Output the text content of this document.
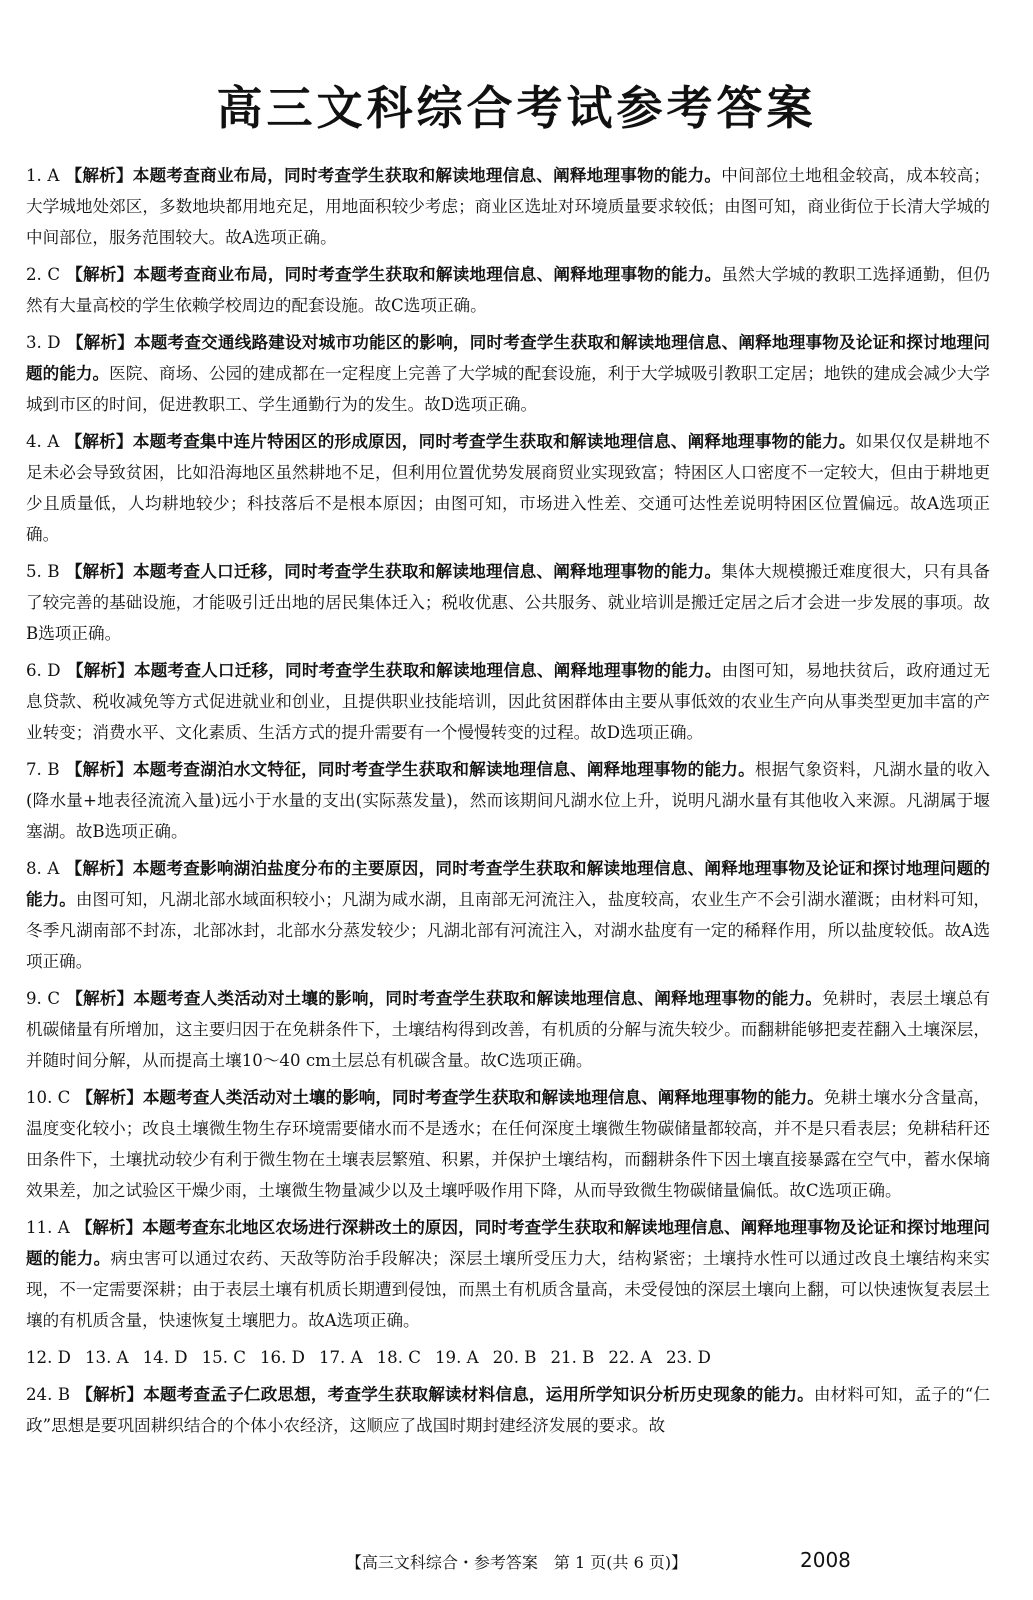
高三文科综合考试参考答案

1. A 【解析】本题考查商业布局，同时考查学生获取和解读地理信息、阐释地理事物的能力。中间部位土地租金较高，成本较高；大学城地处郊区，多数地块都用地充足，用地面积较少考虑；商业区选址对环境质量要求较低；由图可知，商业街位于长清大学城的中间部位，服务范围较大。故A选项正确。

2. C 【解析】本题考查商业布局，同时考查学生获取和解读地理信息、阐释地理事物的能力。虽然大学城的教职工选择通勤，但仍然有大量高校的学生依赖学校周边的配套设施。故C选项正确。

3. D 【解析】本题考查交通线路建设对城市功能区的影响，同时考查学生获取和解读地理信息、阐释地理事物及论证和探讨地理问题的能力。医院、商场、公园的建成都在一定程度上完善了大学城的配套设施，利于大学城吸引教职工定居；地铁的建成会减少大学城到市区的时间，促进教职工、学生通勤行为的发生。故D选项正确。

4. A 【解析】本题考查集中连片特困区的形成原因，同时考查学生获取和解读地理信息、阐释地理事物的能力。如果仅仅是耕地不足未必会导致贫困，比如沿海地区虽然耕地不足，但利用位置优势发展商贸业实现致富；特困区人口密度不一定较大，但由于耕地更少且质量低，人均耕地较少；科技落后不是根本原因；由图可知，市场进入性差、交通可达性差说明特困区位置偏远。故A选项正确。

5. B 【解析】本题考查人口迁移，同时考查学生获取和解读地理信息、阐释地理事物的能力。集体大规模搬迁难度很大，只有具备了较完善的基础设施，才能吸引迁出地的居民集体迁入；税收优惠、公共服务、就业培训是搬迁定居之后才会进一步发展的事项。故B选项正确。

6. D 【解析】本题考查人口迁移，同时考查学生获取和解读地理信息、阐释地理事物的能力。由图可知，易地扶贫后，政府通过无息贷款、税收减免等方式促进就业和创业，且提供职业技能培训，因此贫困群体由主要从事低效的农业生产向从事类型更加丰富的产业转变；消费水平、文化素质、生活方式的提升需要有一个慢慢转变的过程。故D选项正确。

7. B 【解析】本题考查湖泊水文特征，同时考查学生获取和解读地理信息、阐释地理事物的能力。根据气象资料，凡湖水量的收入(降水量+地表径流流入量)远小于水量的支出(实际蒸发量)，然而该期间凡湖水位上升，说明凡湖水量有其他收入来源。凡湖属于堰塞湖。故B选项正确。

8. A 【解析】本题考查影响湖泊盐度分布的主要原因，同时考查学生获取和解读地理信息、阐释地理事物及论证和探讨地理问题的能力。由图可知，凡湖北部水域面积较小；凡湖为咸水湖，且南部无河流注入，盐度较高，农业生产不会引湖水灌溉；由材料可知，冬季凡湖南部不封冻，北部冰封，北部水分蒸发较少；凡湖北部有河流注入，对湖水盐度有一定的稀释作用，所以盐度较低。故A选项正确。

9. C 【解析】本题考查人类活动对土壤的影响，同时考查学生获取和解读地理信息、阐释地理事物的能力。免耕时，表层土壤总有机碳储量有所增加，这主要归因于在免耕条件下，土壤结构得到改善，有机质的分解与流失较少。而翻耕能够把麦茬翻入土壤深层，并随时间分解，从而提高土壤10～40 cm土层总有机碳含量。故C选项正确。

10. C 【解析】本题考查人类活动对土壤的影响，同时考查学生获取和解读地理信息、阐释地理事物的能力。免耕土壤水分含量高，温度变化较小；改良土壤微生物生存环境需要储水而不是透水；在任何深度土壤微生物碳储量都较高，并不是只看表层；免耕秸秆还田条件下，土壤扰动较少有利于微生物在土壤表层繁殖、积累，并保护土壤结构，而翻耕条件下因土壤直接暴露在空气中，蓄水保墒效果差，加之试验区干燥少雨，土壤微生物量减少以及土壤呼吸作用下降，从而导致微生物碳储量偏低。故C选项正确。

11. A 【解析】本题考查东北地区农场进行深耕改土的原因，同时考查学生获取和解读地理信息、阐释地理事物及论证和探讨地理问题的能力。病虫害可以通过农药、天敌等防治手段解决；深层土壤所受压力大，结构紧密；土壤持水性可以通过改良土壤结构来实现，不一定需要深耕；由于表层土壤有机质长期遭到侵蚀，而黑土有机质含量高，未受侵蚀的深层土壤向上翻，可以快速恢复表层土壤的有机质含量，快速恢复土壤肥力。故A选项正确。

12. D 13. A 14. D 15. C 16. D 17. A 18. C 19. A 20. B 21. B 22. A 23. D

24. B 【解析】本题考查孟子仁政思想，考查学生获取解读材料信息，运用所学知识分析历史现象的能力。由材料可知，孟子的“仁政”思想是要巩固耕织结合的个体小农经济，这顺应了战国时期封建经济发展的要求。故

【高三文科综合・参考答案　第 1 页(共 6 页)】	2008
